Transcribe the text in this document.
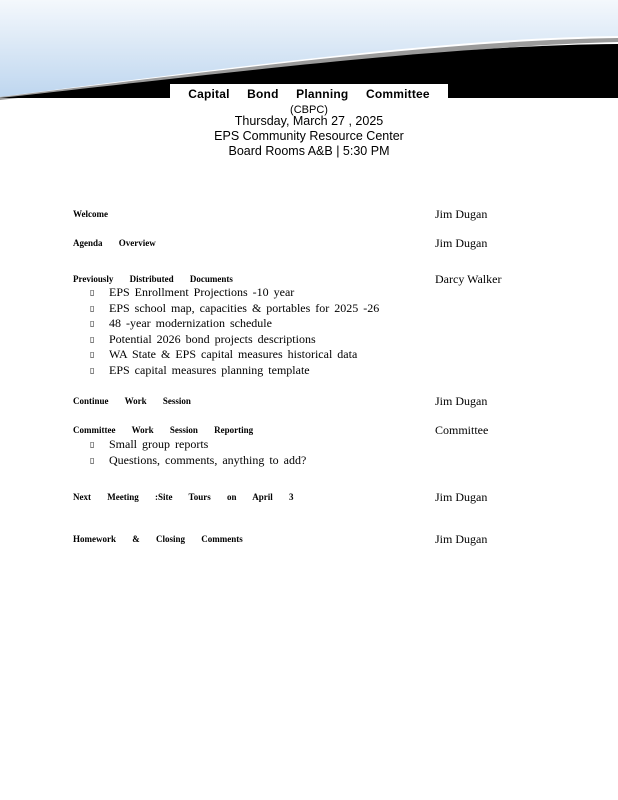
Capital Bond Planning Committee
(CBPC)
Thursday, March 27 , 2025
EPS Community Resource Center
Board Rooms A&B | 5:30 PM
Welcome	Jim Dugan
Agenda Overview	Jim Dugan
Previously Distributed Documents	Darcy Walker
▯ EPS Enrollment Projections -10 year
▯ EPS school map, capacities & portables for 2025 -26
▯ 48 -year modernization schedule
▯ Potential 2026 bond projects descriptions
▯ WA State & EPS capital measures historical data
▯ EPS capital measures planning template
Continue Work Session	Jim Dugan
Committee Work Session Reporting	Committee
▯ Small group reports
▯ Questions, comments, anything to add?
Next Meeting :Site Tours on April 3	Jim Dugan
Homework & Closing Comments	Jim Dugan
